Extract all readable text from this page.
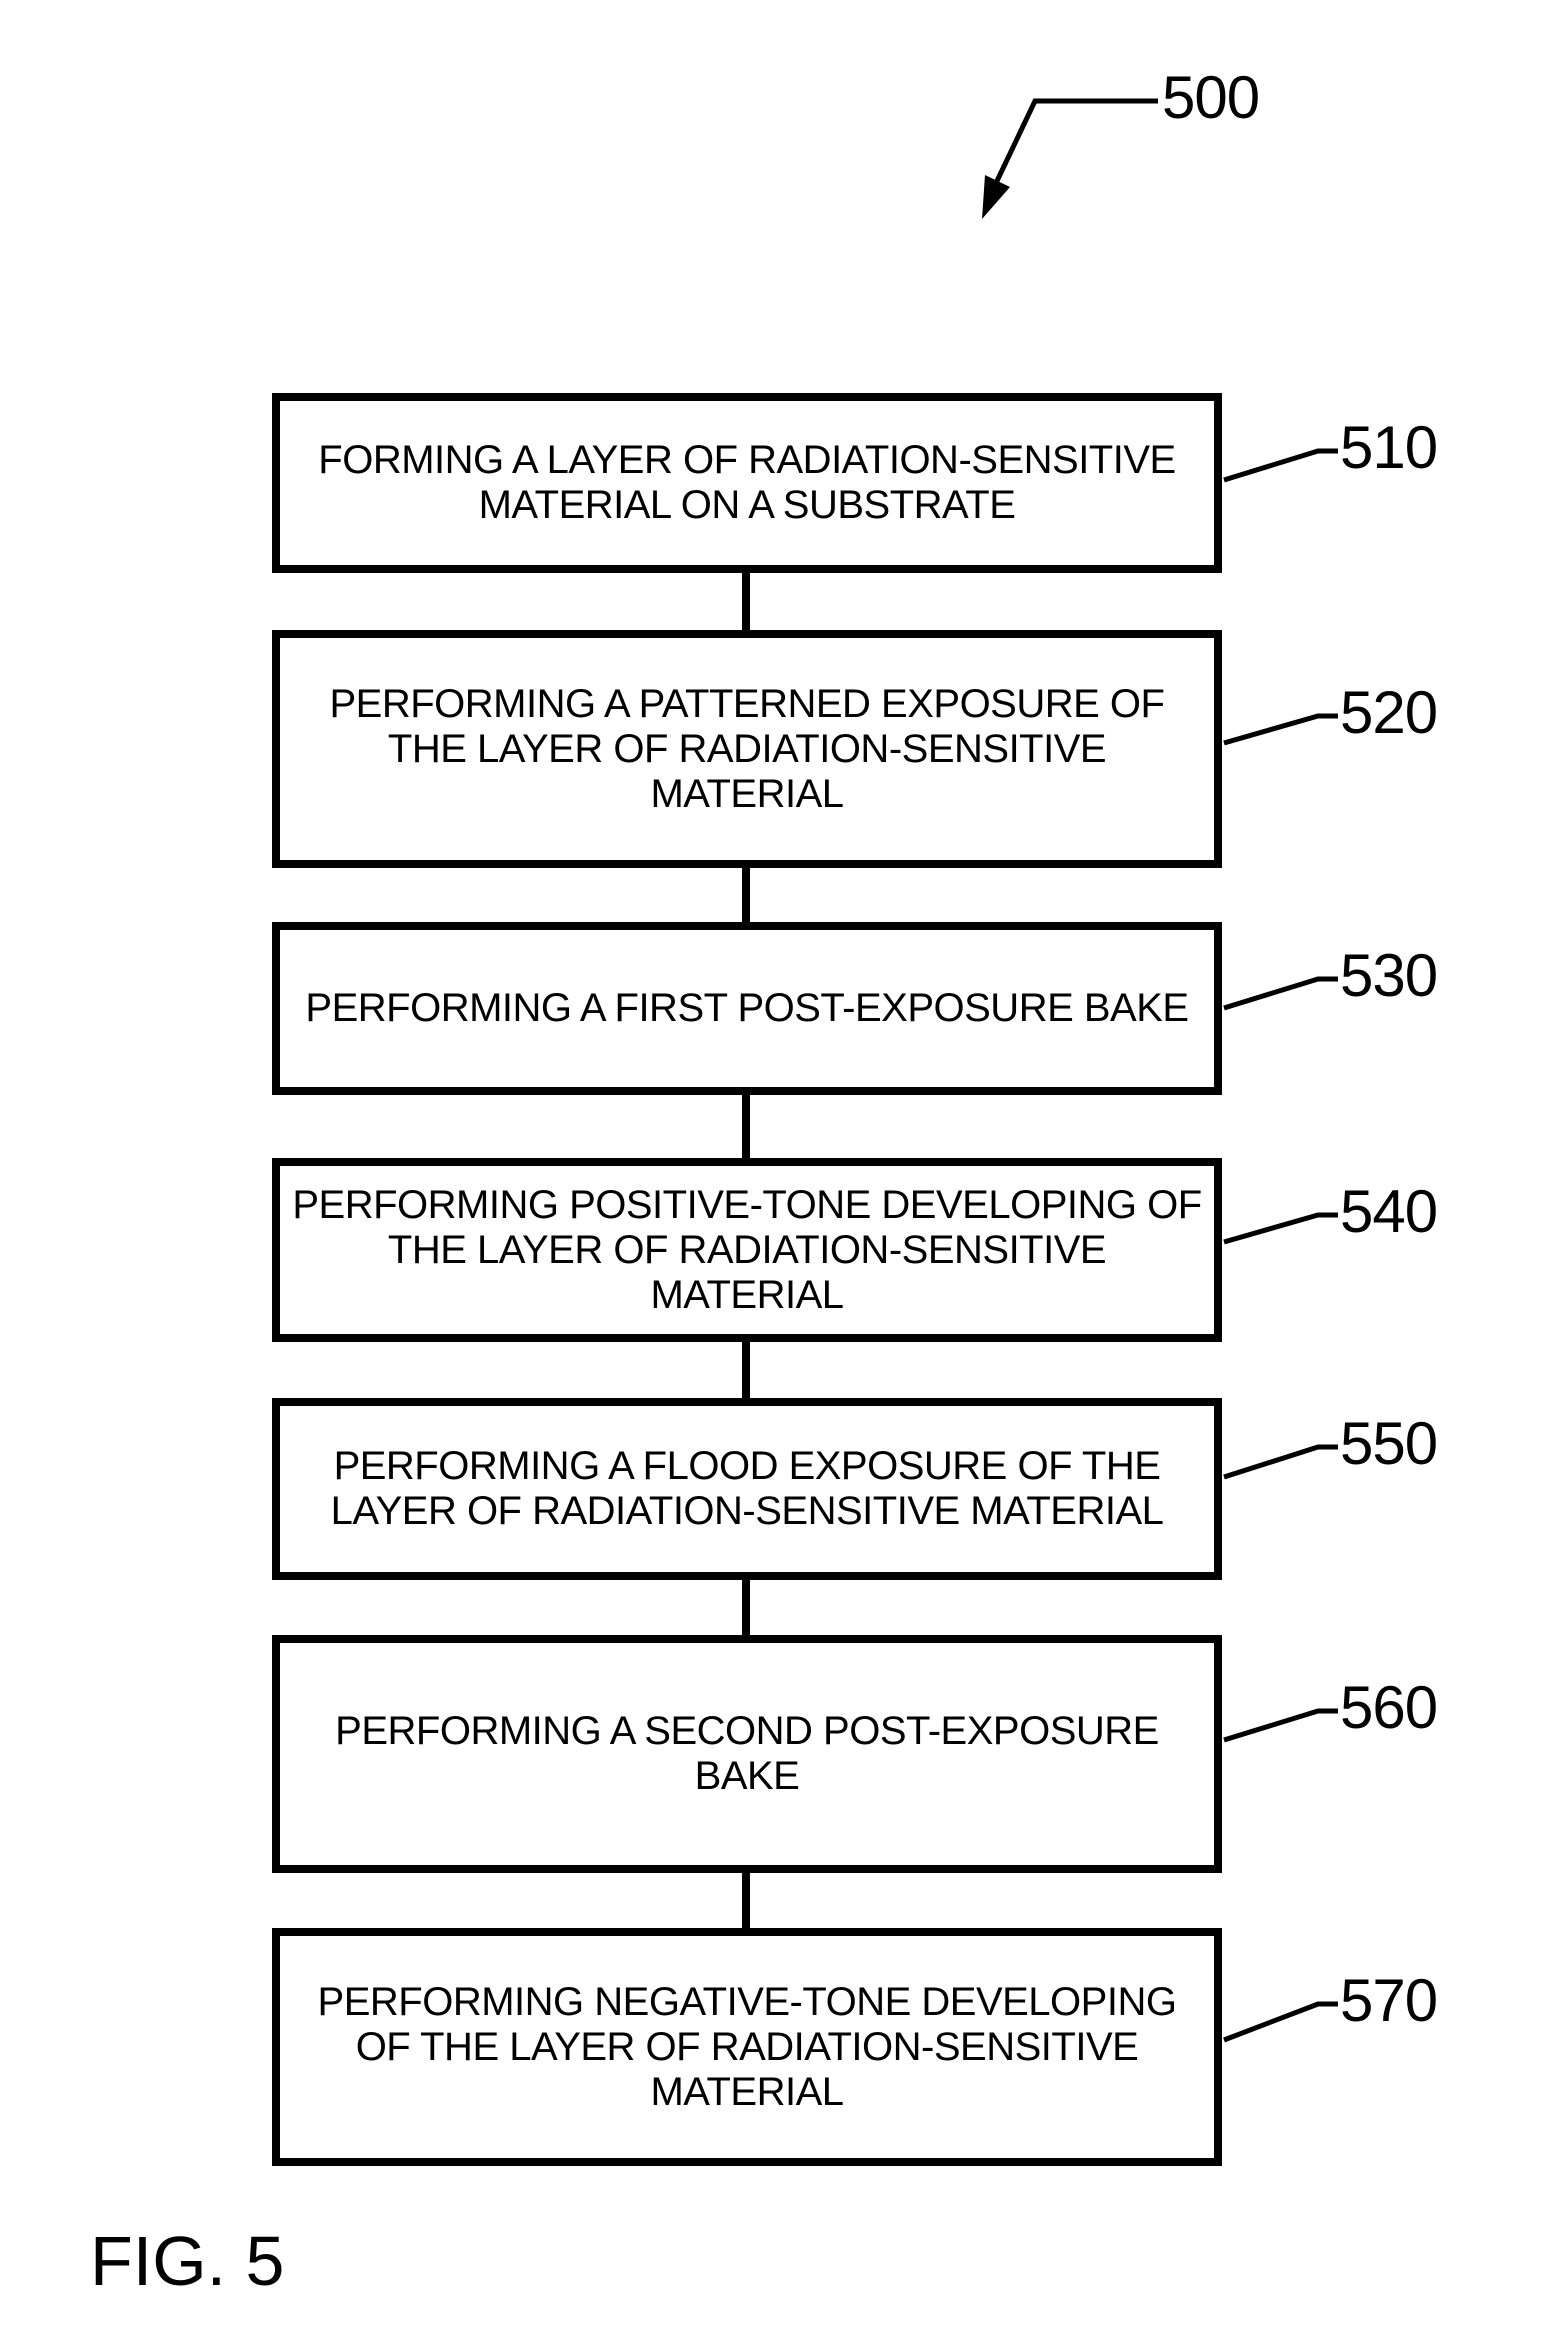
FORMING A LAYER OF RADIATION-SENSITIVE
MATERIAL ON A SUBSTRATE
510
PERFORMING A PATTERNED EXPOSURE OF
THE LAYER OF RADIATION-SENSITIVE
MATERIAL
520
PERFORMING A FIRST POST-EXPOSURE BAKE	530
PERFORMING POSITIVE-TONE DEVELOPING OF
THE LAYER OF RADIATION-SENSITIVE
MATERIAL
540
PERFORMING A FLOOD EXPOSURE OF THE
LAYER OF RADIATION-SENSITIVE MATERIAL
550
PERFORMING A SECOND POST-EXPOSURE
BAKE
560
PERFORMING NEGATIVE-TONE DEVELOPING
OF THE LAYER OF RADIATION-SENSITIVE
MATERIAL
570
500
FIG. 5
